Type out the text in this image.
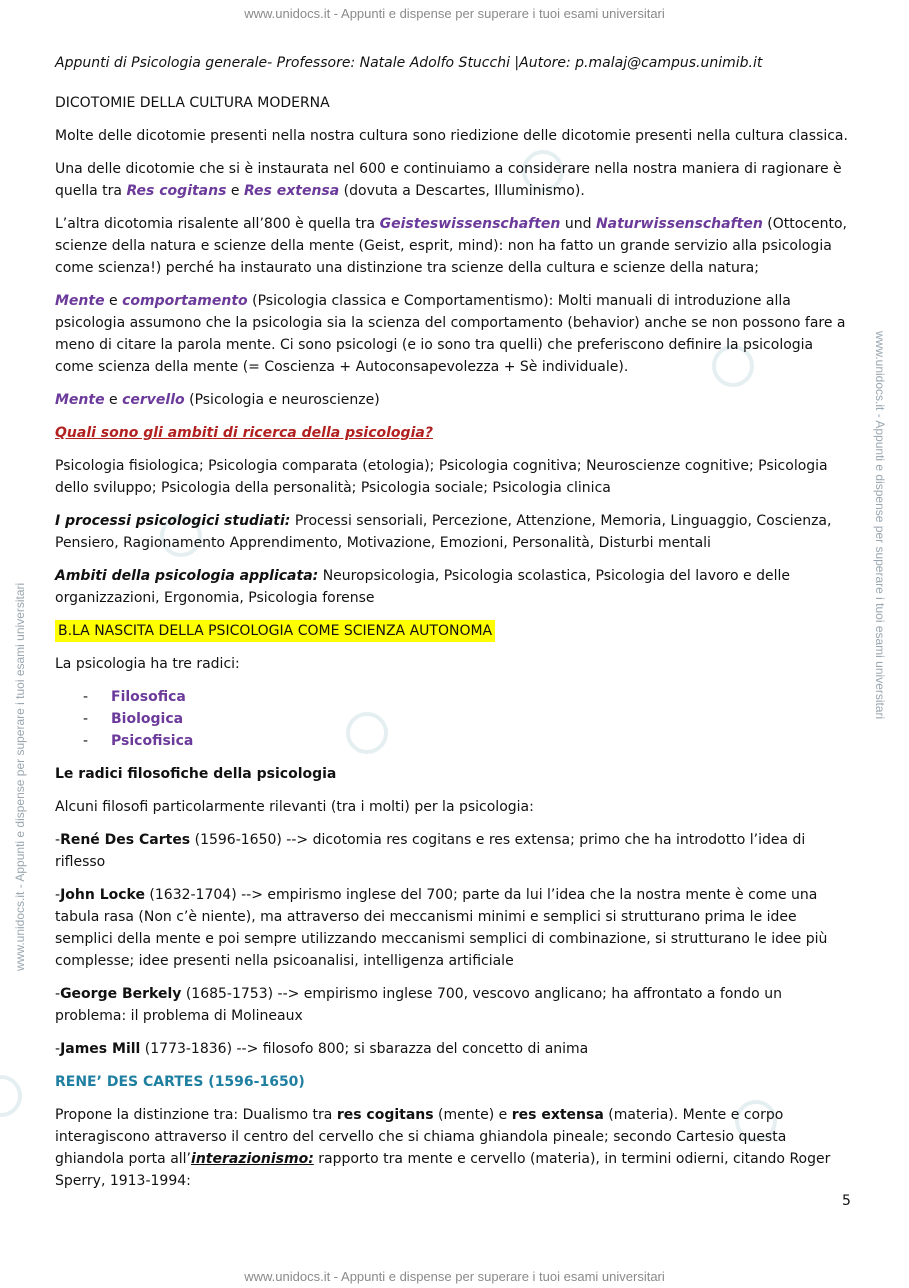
www.unidocs.it - Appunti e dispense per superare i tuoi esami universitari
www.unidocs.it - Appunti e dispense per superare i tuoi esami universitari
www.unidocs.it - Appunti e dispense per superare i tuoi esami universitari
www.unidocs.it - Appunti e dispense per superare i tuoi esami universitari

Appunti di Psicologia generale- Professore: Natale Adolfo Stucchi |Autore: p.malaj@campus.unimib.it

DICOTOMIE DELLA CULTURA MODERNA

Molte delle dicotomie presenti nella nostra cultura sono riedizione delle dicotomie presenti nella cultura classica.

Una delle dicotomie che si è instaurata nel 600 e continuiamo a considerare nella nostra maniera di ragionare è quella tra Res cogitans e Res extensa (dovuta a Descartes, Illuminismo).

L’altra dicotomia risalente all’800 è quella tra Geisteswissenschaften und Naturwissenschaften (Ottocento, scienze della natura e scienze della mente (Geist, esprit, mind): non ha fatto un grande servizio alla psicologia come scienza!) perché ha instaurato una distinzione tra scienze della cultura e scienze della natura;

Mente e comportamento (Psicologia classica e Comportamentismo): Molti manuali di introduzione alla psicologia assumono che la psicologia sia la scienza del comportamento (behavior) anche se non possono fare a meno di citare la parola mente. Ci sono psicologi (e io sono tra quelli) che preferiscono definire la psicologia come scienza della mente (= Coscienza + Autoconsapevolezza + Sè individuale).

Mente e cervello (Psicologia e neuroscienze)

Quali sono gli ambiti di ricerca della psicologia?

Psicologia fisiologica; Psicologia comparata (etologia); Psicologia cognitiva; Neuroscienze cognitive; Psicologia dello sviluppo; Psicologia della personalità; Psicologia sociale; Psicologia clinica

I processi psicologici studiati: Processi sensoriali, Percezione, Attenzione, Memoria, Linguaggio, Coscienza, Pensiero, Ragionamento Apprendimento, Motivazione, Emozioni, Personalità, Disturbi mentali

Ambiti della psicologia applicata: Neuropsicologia, Psicologia scolastica, Psicologia del lavoro e delle organizzazioni, Ergonomia, Psicologia forense

B.LA NASCITA DELLA PSICOLOGIA COME SCIENZA AUTONOMA

La psicologia ha tre radici:

- Filosofica
- Biologica
- Psicofisica

Le radici filosofiche della psicologia

Alcuni filosofi particolarmente rilevanti (tra i molti) per la psicologia:

-René Des Cartes (1596-1650) --> dicotomia res cogitans e res extensa; primo che ha introdotto l’idea di riflesso

-John Locke (1632-1704) --> empirismo inglese del 700; parte da lui l’idea che la nostra mente è come una tabula rasa (Non c’è niente), ma attraverso dei meccanismi minimi e semplici si strutturano prima le idee semplici della mente e poi sempre utilizzando meccanismi semplici di combinazione, si strutturano le idee più complesse; idee presenti nella psicoanalisi, intelligenza artificiale

-George Berkely (1685-1753) --> empirismo inglese 700, vescovo anglicano; ha affrontato a fondo un problema: il problema di Molineaux

-James Mill (1773-1836) --> filosofo 800; si sbarazza del concetto di anima

RENE’ DES CARTES (1596-1650)

Propone la distinzione tra: Dualismo tra res cogitans (mente) e res extensa (materia). Mente e corpo interagiscono attraverso il centro del cervello che si chiama ghiandola pineale; secondo Cartesio questa ghiandola porta all’interazionismo: rapporto tra mente e cervello (materia), in termini odierni, citando Roger Sperry, 1913-1994:

5
